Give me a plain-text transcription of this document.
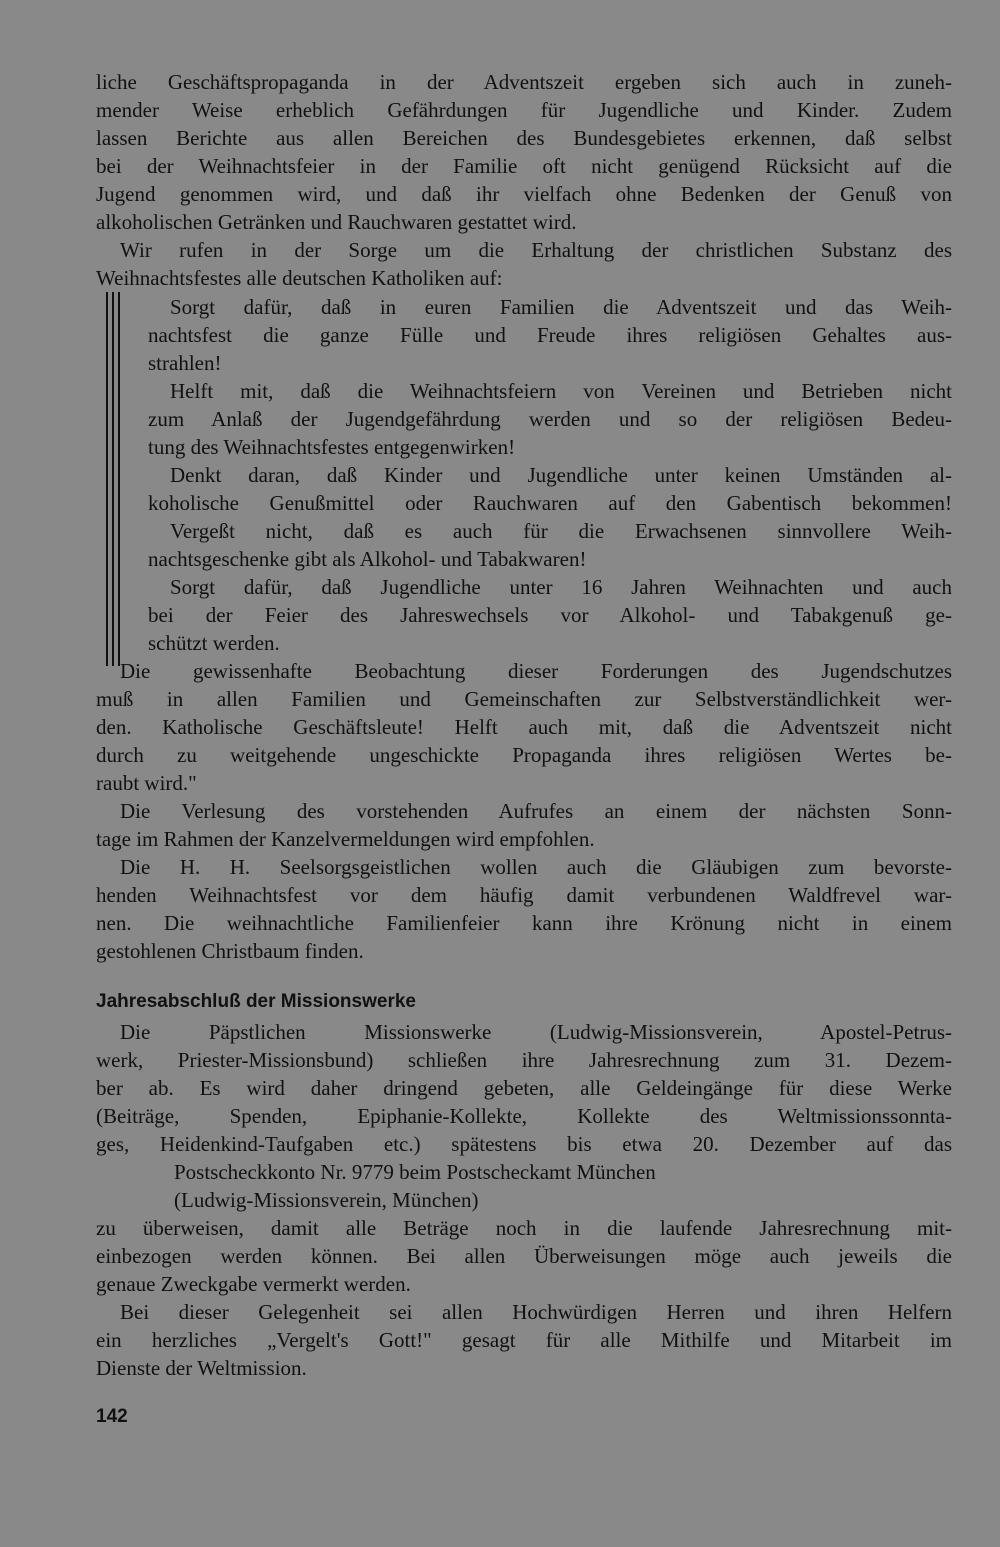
liche Geschäftspropaganda in der Adventszeit ergeben sich auch in zuneh-
mender Weise erheblich Gefährdungen für Jugendliche und Kinder. Zudem
lassen Berichte aus allen Bereichen des Bundesgebietes erkennen, daß selbst
bei der Weihnachtsfeier in der Familie oft nicht genügend Rücksicht auf die
Jugend genommen wird, und daß ihr vielfach ohne Bedenken der Genuß von
alkoholischen Getränken und Rauchwaren gestattet wird.
Wir rufen in der Sorge um die Erhaltung der christlichen Substanz des
Weihnachtsfestes alle deutschen Katholiken auf:
Sorgt dafür, daß in euren Familien die Adventszeit und das Weih-
nachtsfest die ganze Fülle und Freude ihres religiösen Gehaltes aus-
strahlen!
Helft mit, daß die Weihnachtsfeiern von Vereinen und Betrieben nicht
zum Anlaß der Jugendgefährdung werden und so der religiösen Bedeu-
tung des Weihnachtsfestes entgegenwirken!
Denkt daran, daß Kinder und Jugendliche unter keinen Umständen al-
koholische Genußmittel oder Rauchwaren auf den Gabentisch bekommen!
Vergeßt nicht, daß es auch für die Erwachsenen sinnvollere Weih-
nachtsgeschenke gibt als Alkohol- und Tabakwaren!
Sorgt dafür, daß Jugendliche unter 16 Jahren Weihnachten und auch
bei der Feier des Jahreswechsels vor Alkohol- und Tabakgenuß ge-
schützt werden.
Die gewissenhafte Beobachtung dieser Forderungen des Jugendschutzes
muß in allen Familien und Gemeinschaften zur Selbstverständlichkeit wer-
den. Katholische Geschäftsleute! Helft auch mit, daß die Adventszeit nicht
durch zu weitgehende ungeschickte Propaganda ihres religiösen Wertes be-
raubt wird."
Die Verlesung des vorstehenden Aufrufes an einem der nächsten Sonn-
tage im Rahmen der Kanzelvermeldungen wird empfohlen.
Die H. H. Seelsorgsgeistlichen wollen auch die Gläubigen zum bevorste-
henden Weihnachtsfest vor dem häufig damit verbundenen Waldfrevel war-
nen. Die weihnachtliche Familienfeier kann ihre Krönung nicht in einem
gestohlenen Christbaum finden.
Jahresabschluß der Missionswerke
Die Päpstlichen Missionswerke (Ludwig-Missionsverein, Apostel-Petrus-
werk, Priester-Missionsbund) schließen ihre Jahresrechnung zum 31. Dezem-
ber ab. Es wird daher dringend gebeten, alle Geldeingänge für diese Werke
(Beiträge, Spenden, Epiphanie-Kollekte, Kollekte des Weltmissionssonnta-
ges, Heidenkind-Taufgaben etc.) spätestens bis etwa 20. Dezember auf das
Postscheckkonto Nr. 9779 beim Postscheckamt München
(Ludwig-Missionsverein, München)
zu überweisen, damit alle Beträge noch in die laufende Jahresrechnung mit-
einbezogen werden können. Bei allen Überweisungen möge auch jeweils die
genaue Zweckgabe vermerkt werden.
Bei dieser Gelegenheit sei allen Hochwürdigen Herren und ihren Helfern
ein herzliches „Vergelt's Gott!" gesagt für alle Mithilfe und Mitarbeit im
Dienste der Weltmission.
142
